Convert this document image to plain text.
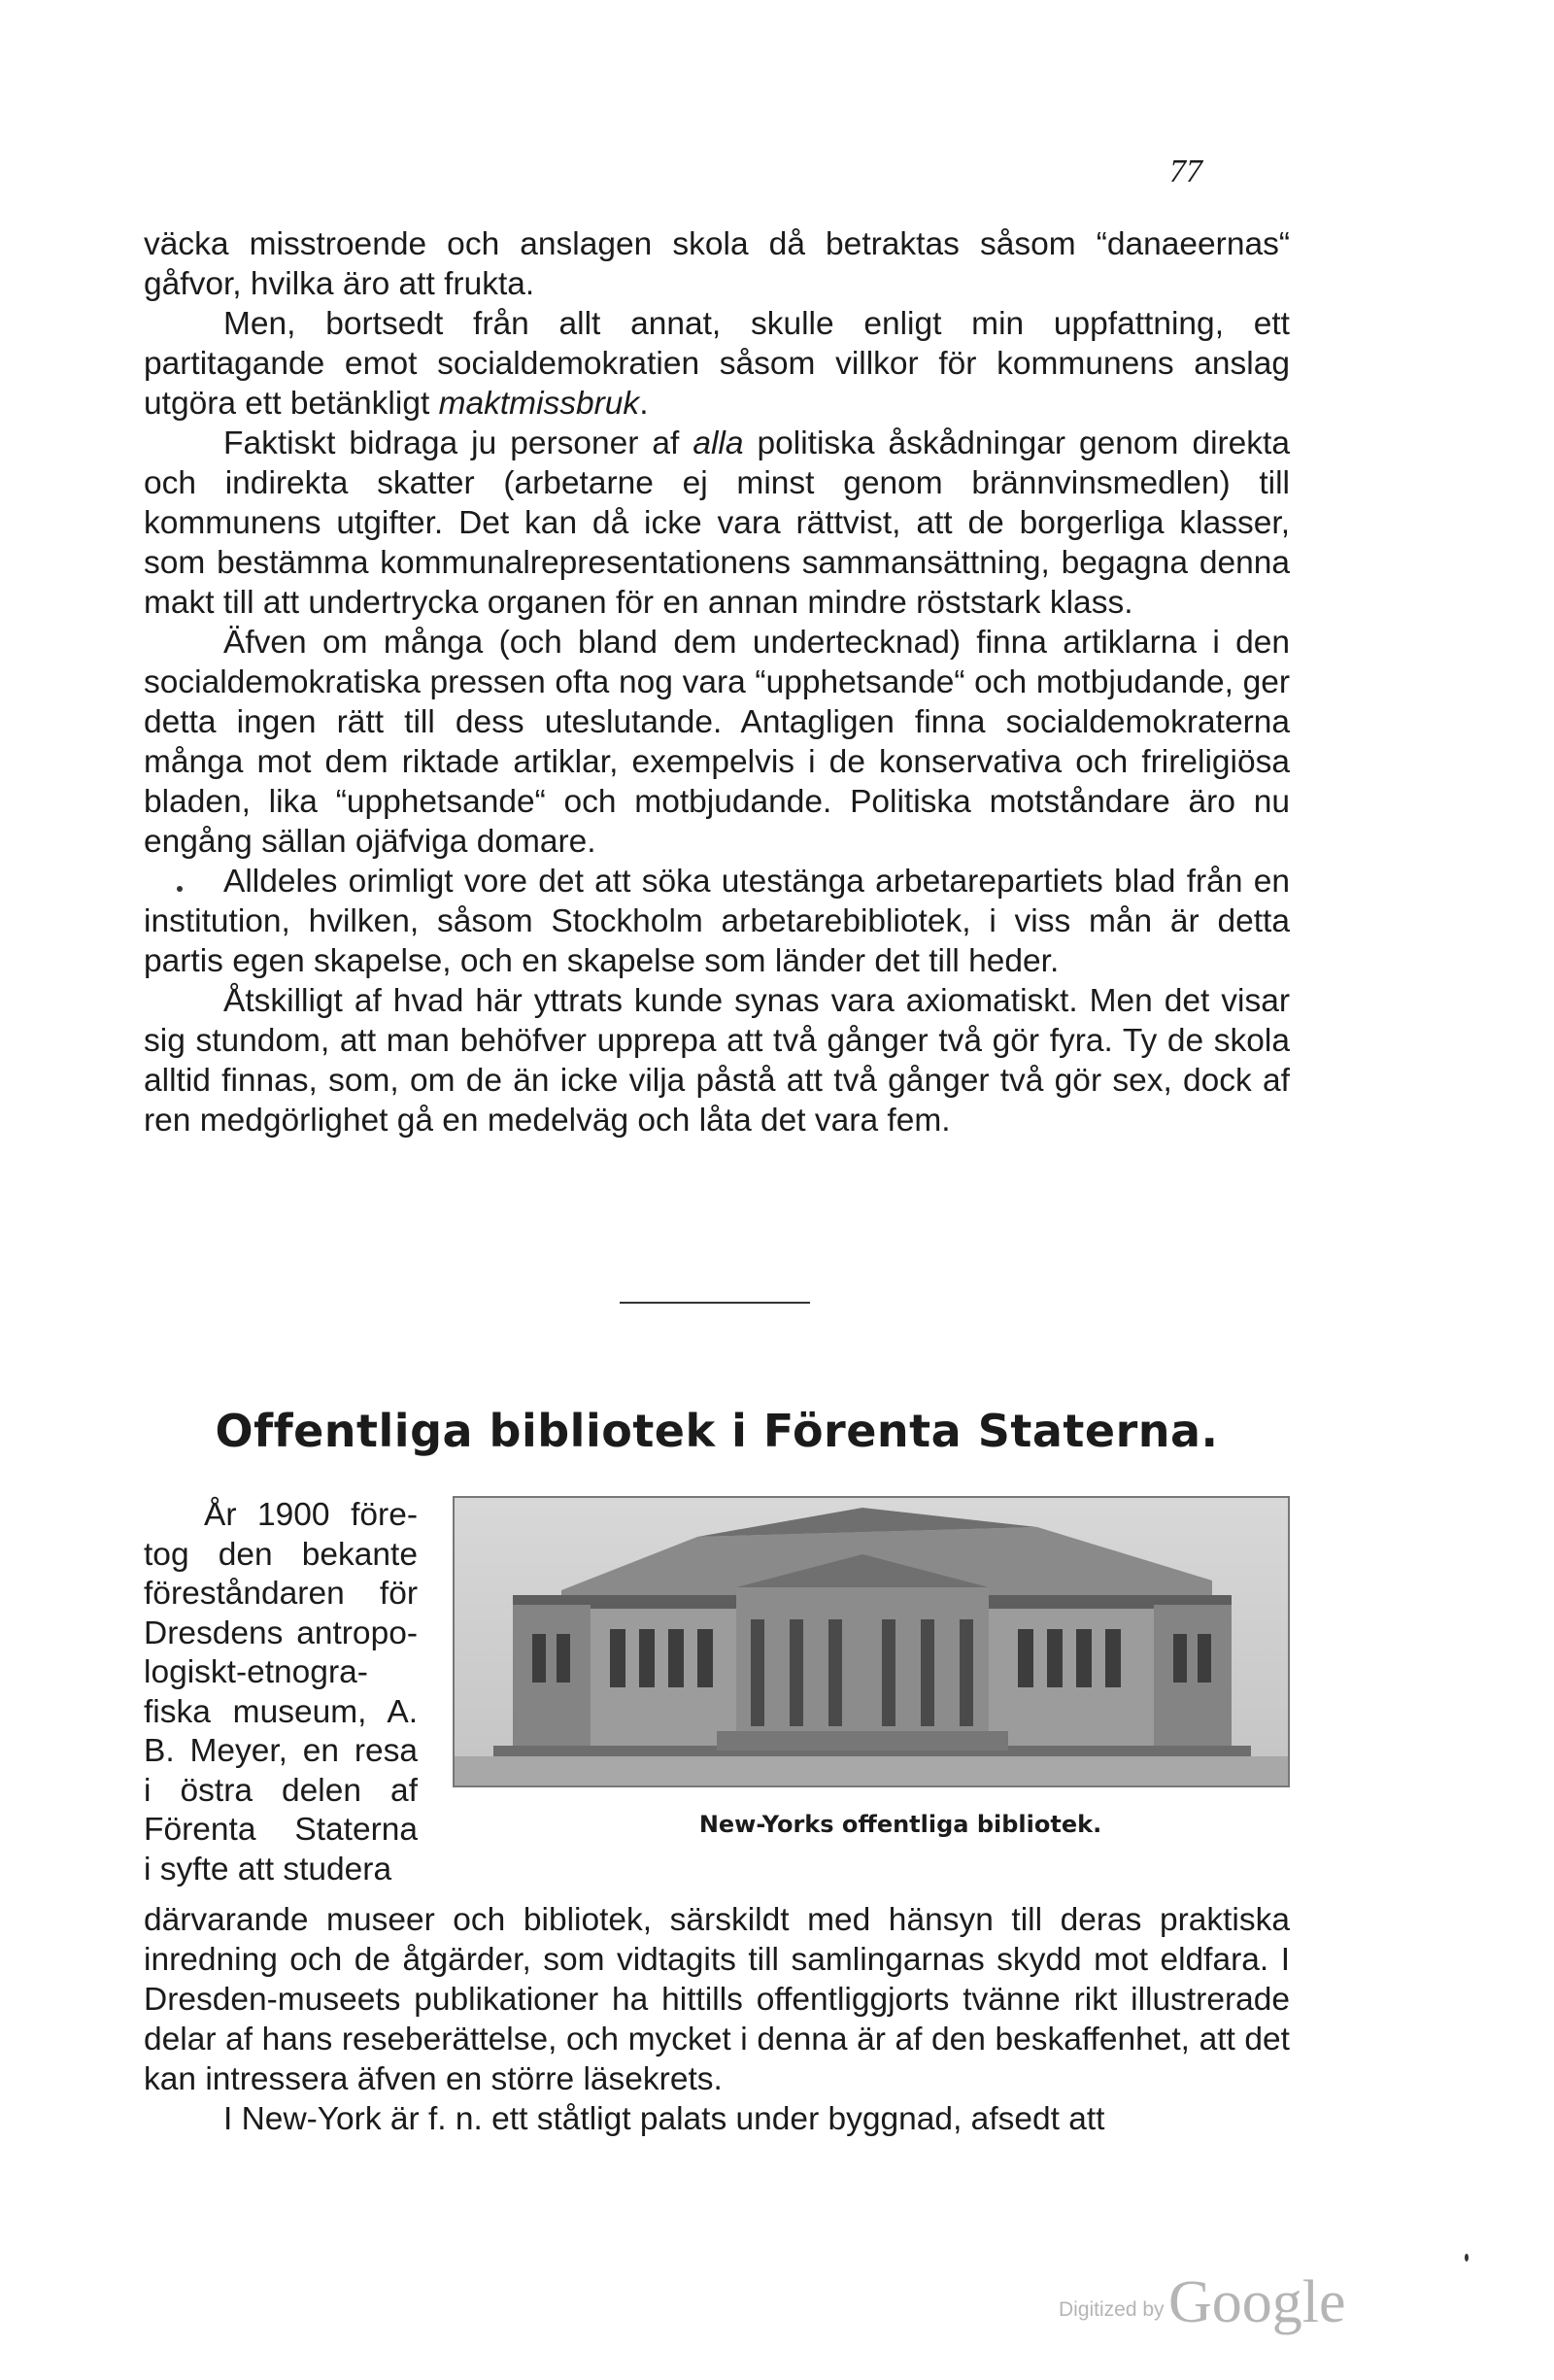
77

väcka misstroende och anslagen skola då betraktas såsom “danaeernas“ gåfvor, hvilka äro att frukta.

Men, bortsedt från allt annat, skulle enligt min uppfattning, ett partitagande emot socialdemokratien såsom villkor för kommunens anslag utgöra ett betänkligt maktmissbruk.

Faktiskt bidraga ju personer af alla politiska åskådningar genom direkta och indirekta skatter (arbetarne ej minst genom brännvinsmedlen) till kommunens utgifter. Det kan då icke vara rättvist, att de borgerliga klasser, som bestämma kommunalrepresentationens sammansättning, begagna denna makt till att undertrycka organen för en annan mindre röststark klass.

Äfven om många (och bland dem undertecknad) finna artiklarna i den socialdemokratiska pressen ofta nog vara “upphetsande“ och motbjudande, ger detta ingen rätt till dess uteslutande. Antagligen finna socialdemokraterna många mot dem riktade artiklar, exempelvis i de konservativa och frireligiösa bladen, lika “upphetsande“ och motbjudande. Politiska motståndare äro nu engång sällan ojäfviga domare.

Alldeles orimligt vore det att söka utestänga arbetarepartiets blad från en institution, hvilken, såsom Stockholm arbetarebibliotek, i viss mån är detta partis egen skapelse, och en skapelse som länder det till heder.

Åtskilligt af hvad här yttrats kunde synas vara axiomatiskt. Men det visar sig stundom, att man behöfver upprepa att två gånger två gör fyra. Ty de skola alltid finnas, som, om de än icke vilja påstå att två gånger två gör sex, dock af ren medgörlighet gå en medelväg och låta det vara fem.

Offentliga bibliotek i Förenta Staterna.
År 1900 före-
tog den bekante
föreståndaren för
Dresdens antropo-
logiskt-etnogra-
fiska museum, A.
B. Meyer, en resa
i östra delen af
Förenta Staterna
i syfte att studera
New-Yorks offentliga bibliotek.

därvarande museer och bibliotek, särskildt med hänsyn till deras praktiska inredning och de åtgärder, som vidtagits till samlingarnas skydd mot eldfara. I Dresden-museets publikationer ha hittills offentliggjorts tvänne rikt illustrerade delar af hans reseberättelse, och mycket i denna är af den beskaffenhet, att det kan intressera äfven en större läsekrets.

I New-York är f. n. ett ståtligt palats under byggnad, afsedt att

Digitized by Google
